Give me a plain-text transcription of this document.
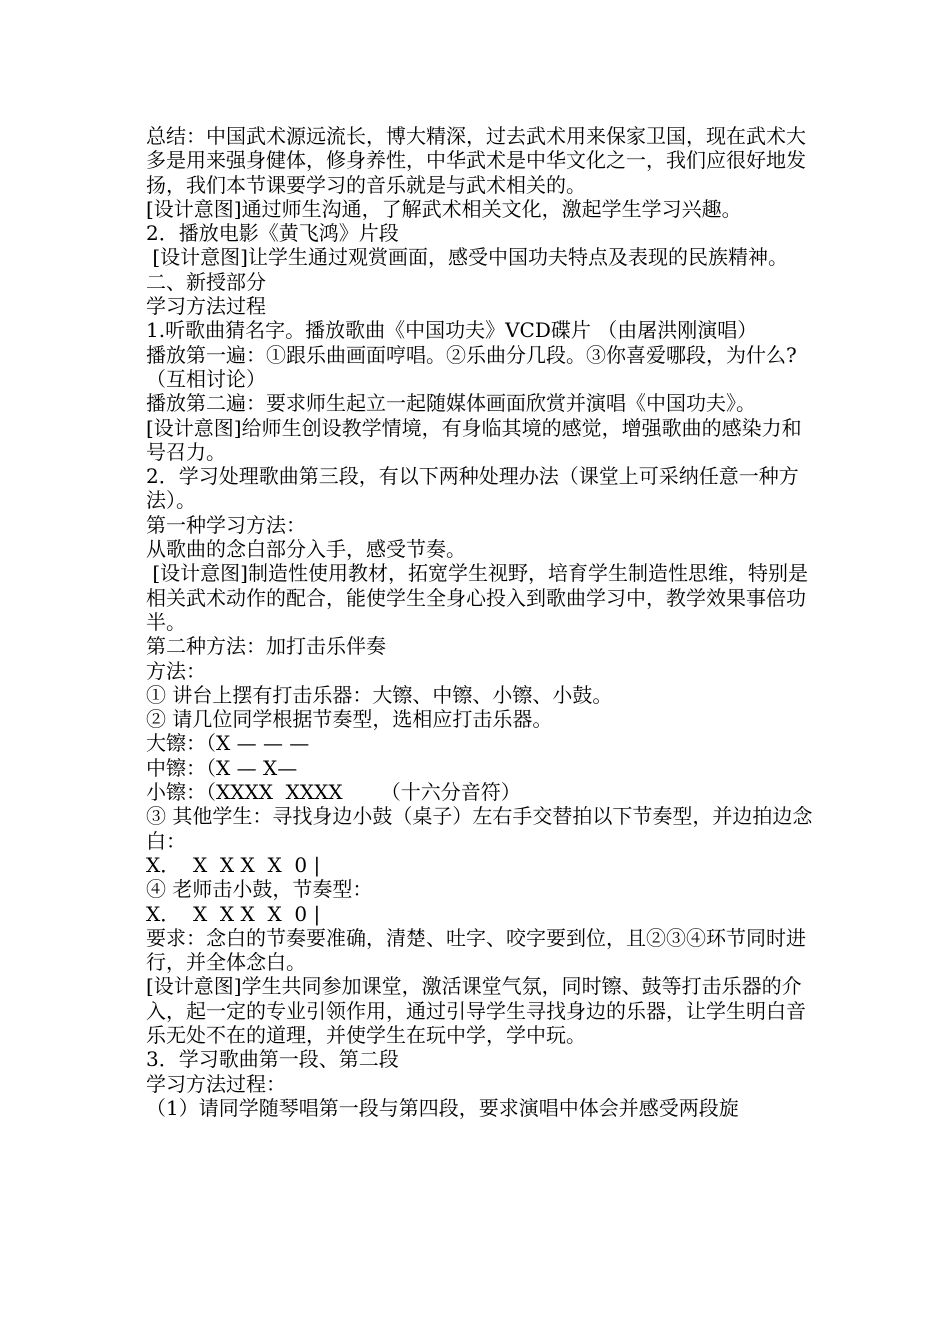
总结：中国武术源远流长，博大精深，过去武术用来保家卫国，现在武术大多是用来强身健体，修身养性，中华武术是中华文化之一，我们应很好地发扬，我们本节课要学习的音乐就是与武术相关的。

[设计意图]通过师生沟通，了解武术相关文化，激起学生学习兴趣。

2．播放电影《黄飞鸿》片段

[设计意图]让学生通过观赏画面，感受中国功夫特点及表现的民族精神。

二、新授部分

学习方法过程

1.听歌曲猜名字。播放歌曲《中国功夫》VCD碟片 （由屠洪刚演唱）

播放第一遍：①跟乐曲画面哼唱。②乐曲分几段。③你喜爱哪段，为什么?（互相讨论）

播放第二遍：要求师生起立一起随媒体画面欣赏并演唱《中国功夫》。

[设计意图]给师生创设教学情境，有身临其境的感觉，增强歌曲的感染力和号召力。

2．学习处理歌曲第三段，有以下两种处理办法（课堂上可采纳任意一种方法）。

第一种学习方法：

从歌曲的念白部分入手，感受节奏。

[设计意图]制造性使用教材，拓宽学生视野，培育学生制造性思维，特别是相关武术动作的配合，能使学生全身心投入到歌曲学习中，教学效果事倍功半。

第二种方法：加打击乐伴奏

方法：

① 讲台上摆有打击乐器：大镲、中镲、小镲、小鼓。

② 请几位同学根据节奏型，选相应打击乐器。

大镲：（X — — —

中镲：（X — X—

小镲：（XXXX  XXXX      （十六分音符）

③ 其他学生：寻找身边小鼓（桌子）左右手交替拍以下节奏型，并边拍边念白：

X．  X  X X  X  0 |

④ 老师击小鼓，节奏型：

X．  X  X X  X  0 |

要求：念白的节奏要准确，清楚、吐字、咬字要到位，且②③④环节同时进行，并全体念白。

[设计意图]学生共同参加课堂，激活课堂气氛，同时镲、鼓等打击乐器的介入，起一定的专业引领作用，通过引导学生寻找身边的乐器，让学生明白音乐无处不在的道理，并使学生在玩中学，学中玩。

3．学习歌曲第一段、第二段

学习方法过程：

（1）请同学随琴唱第一段与第四段，要求演唱中体会并感受两段旋
